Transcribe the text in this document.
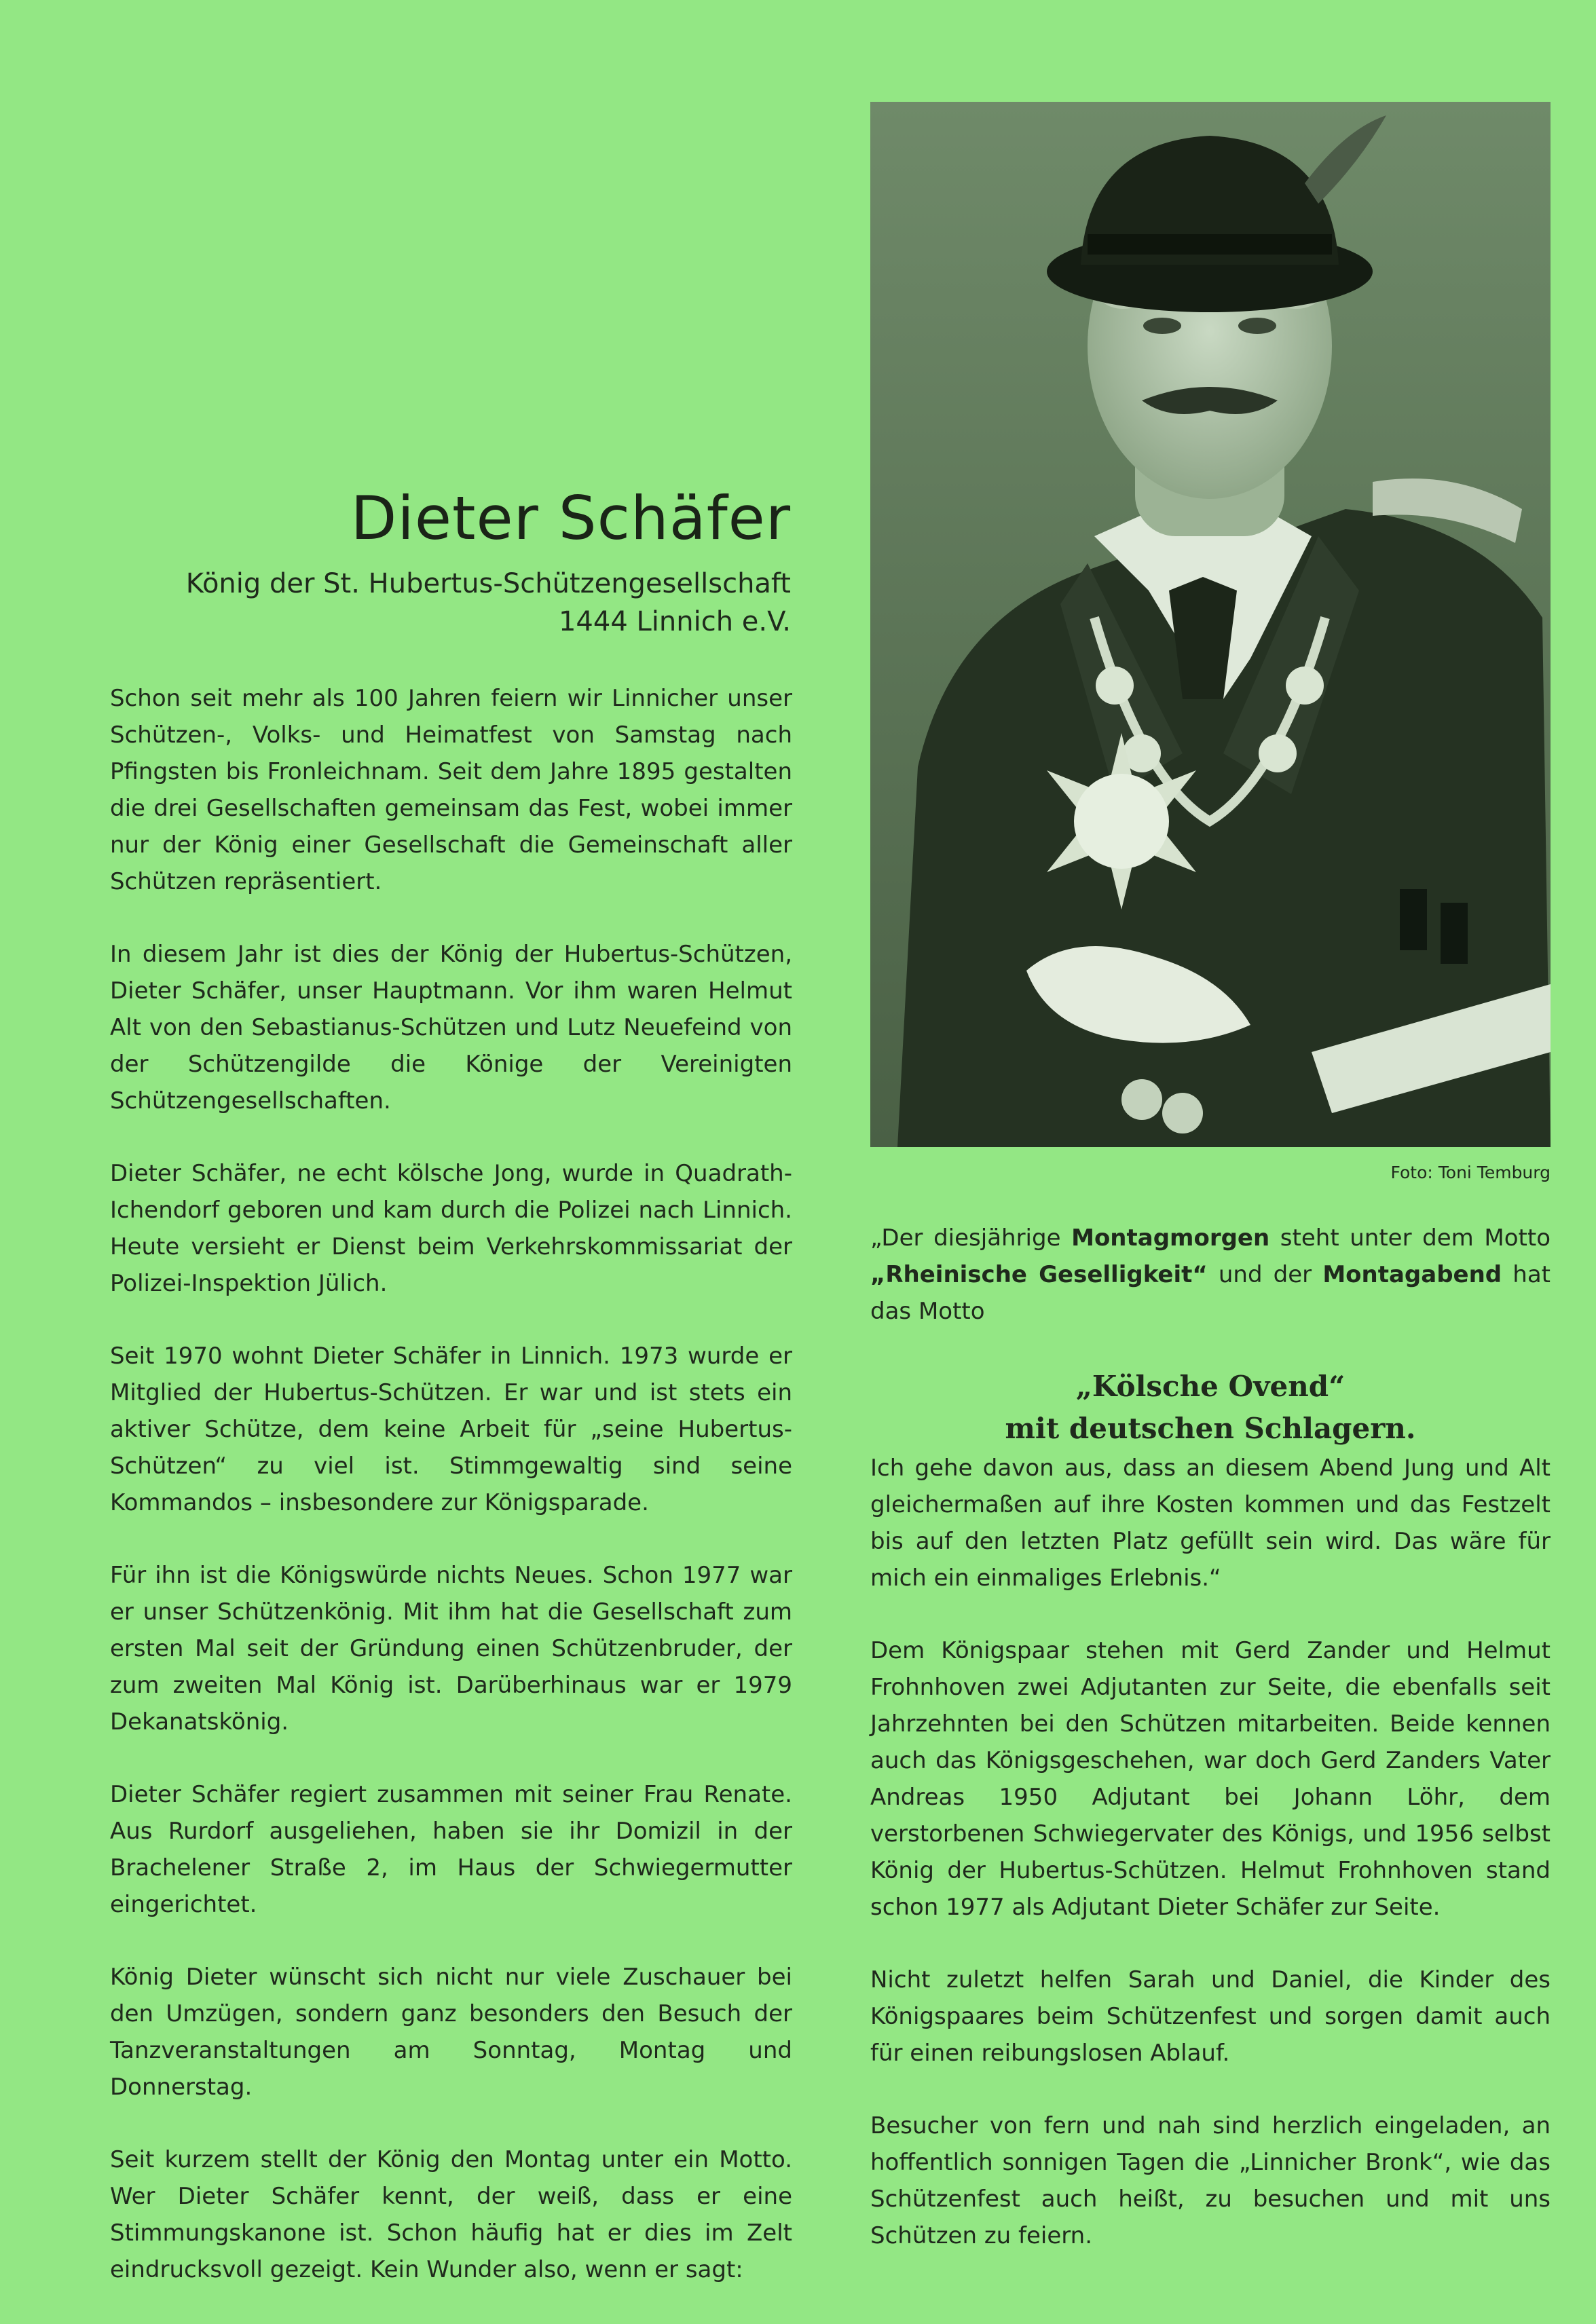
Dieter Schäfer
König der St. Hubertus-Schützengesellschaft
1444 Linnich e.V.

Schon seit mehr als 100 Jahren feiern wir Linnicher unser Schützen-, Volks- und Heimatfest von Samstag nach Pfingsten bis Fronleichnam. Seit dem Jahre 1895 gestalten die drei Gesellschaften gemeinsam das Fest, wobei immer nur der König einer Gesellschaft die Gemeinschaft aller Schützen repräsentiert.

In diesem Jahr ist dies der König der Hubertus-Schützen, Dieter Schäfer, unser Hauptmann. Vor ihm waren Helmut Alt von den Sebastianus-Schützen und Lutz Neuefeind von der Schützengilde die Könige der Vereinigten Schützengesellschaften.

Dieter Schäfer, ne echt kölsche Jong, wurde in Quadrath-Ichendorf geboren und kam durch die Polizei nach Linnich. Heute versieht er Dienst beim Verkehrskommissariat der Polizei-Inspektion Jülich.

Seit 1970 wohnt Dieter Schäfer in Linnich. 1973 wurde er Mitglied der Hubertus-Schützen. Er war und ist stets ein aktiver Schütze, dem keine Arbeit für „seine Hubertus-Schützen“ zu viel ist. Stimmgewaltig sind seine Kommandos – insbesondere zur Königsparade.

Für ihn ist die Königswürde nichts Neues. Schon 1977 war er unser Schützenkönig. Mit ihm hat die Gesellschaft zum ersten Mal seit der Gründung einen Schützenbruder, der zum zweiten Mal König ist. Darüberhinaus war er 1979 Dekanatskönig.

Dieter Schäfer regiert zusammen mit seiner Frau Renate. Aus Rurdorf ausgeliehen, haben sie ihr Domizil in der Brachelener Straße 2, im Haus der Schwiegermutter eingerichtet.

König Dieter wünscht sich nicht nur viele Zuschauer bei den Umzügen, sondern ganz besonders den Besuch der Tanzveranstaltungen am Sonntag, Montag und Donnerstag.

Seit kurzem stellt der König den Montag unter ein Motto. Wer Dieter Schäfer kennt, der weiß, dass er eine Stimmungskanone ist. Schon häufig hat er dies im Zelt eindrucksvoll gezeigt. Kein Wunder also, wenn er sagt:

Foto: Toni Temburg

„Der diesjährige Montagmorgen steht unter dem Motto „Rheinische Geselligkeit“ und der Montagabend hat das Motto

„Kölsche Ovend“
mit deutschen Schlagern.

Ich gehe davon aus, dass an diesem Abend Jung und Alt gleichermaßen auf ihre Kosten kommen und das Festzelt bis auf den letzten Platz gefüllt sein wird. Das wäre für mich ein einmaliges Erlebnis.“

Dem Königspaar stehen mit Gerd Zander und Helmut Frohnhoven zwei Adjutanten zur Seite, die ebenfalls seit Jahrzehnten bei den Schützen mitarbeiten. Beide kennen auch das Königsgeschehen, war doch Gerd Zanders Vater Andreas 1950 Adjutant bei Johann Löhr, dem verstorbenen Schwiegervater des Königs, und 1956 selbst König der Hubertus-Schützen. Helmut Frohnhoven stand schon 1977 als Adjutant Dieter Schäfer zur Seite.

Nicht zuletzt helfen Sarah und Daniel, die Kinder des Königspaares beim Schützenfest und sorgen damit auch für einen reibungslosen Ablauf.

Besucher von fern und nah sind herzlich eingeladen, an hoffentlich sonnigen Tagen die „Linnicher Bronk“, wie das Schützenfest auch heißt, zu besuchen und mit uns Schützen zu feiern.
